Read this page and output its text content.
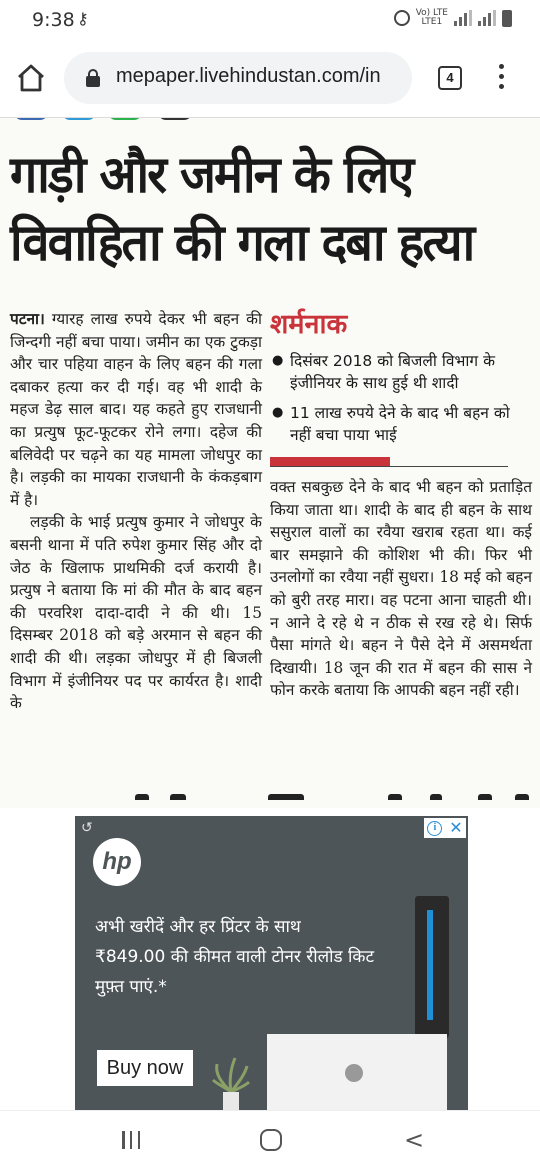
9:38 ⚷	Vo) LTE
LTE1
mepaper.livehindustan.com/in	4
गाड़ी और जमीन के लिए
विवाहिता की गला दबा हत्या

पटना। ग्यारह लाख रुपये देकर भी बहन की जिन्दगी नहीं बचा पाया। जमीन का एक टुकड़ा और चार पहिया वाहन के लिए बहन की गला दबाकर हत्या कर दी गई। वह भी शादी के महज डेढ़ साल बाद। यह कहते हुए राजधानी का प्रत्युष फूट-फूटकर रोने लगा। दहेज की बलिवेदी पर चढ़ने का यह मामला जोधपुर का है। लड़की का मायका राजधानी के कंकड़बाग में है।

लड़की के भाई प्रत्युष कुमार ने जोधपुर के बसनी थाना में पति रुपेश कुमार सिंह और दो जेठ के खिलाफ प्राथमिकी दर्ज करायी है। प्रत्युष ने बताया कि मां की मौत के बाद बहन की परवरिश दादा-दादी ने की थी। 15 दिसम्बर 2018 को बड़े अरमान से बहन की शादी की थी। लड़का जोधपुर में ही बिजली विभाग में इंजीनियर पद पर कार्यरत है। शादी के

शर्मनाक
● दिसंबर 2018 को बिजली विभाग के इंजीनियर के साथ हुई थी शादी
● 11 लाख रुपये देने के बाद भी बहन को नहीं बचा पाया भाई

वक्त सबकुछ देने के बाद भी बहन को प्रताड़ित किया जाता था। शादी के बाद ही बहन के साथ ससुराल वालों का रवैया खराब रहता था। कई बार समझाने की कोशिश भी की। फिर भी उनलोगों का रवैया नहीं सुधरा। 18 मई को बहन को बुरी तरह मारा। वह पटना आना चाहती थी। न आने दे रहे थे न ठीक से रख रहे थे। सिर्फ पैसा मांगते थे। बहन ने पैसे देने में असमर्थता दिखायी। 18 जून की रात में बहन की सास ने फोन करके बताया कि आपकी बहन नहीं रही।

↺	i ✕
hp
अभी खरीदें और हर प्रिंटर के साथ ₹849.00 की कीमत वाली टोनर रीलोड किट मुफ़्त पाएं.*
Buy now
<
